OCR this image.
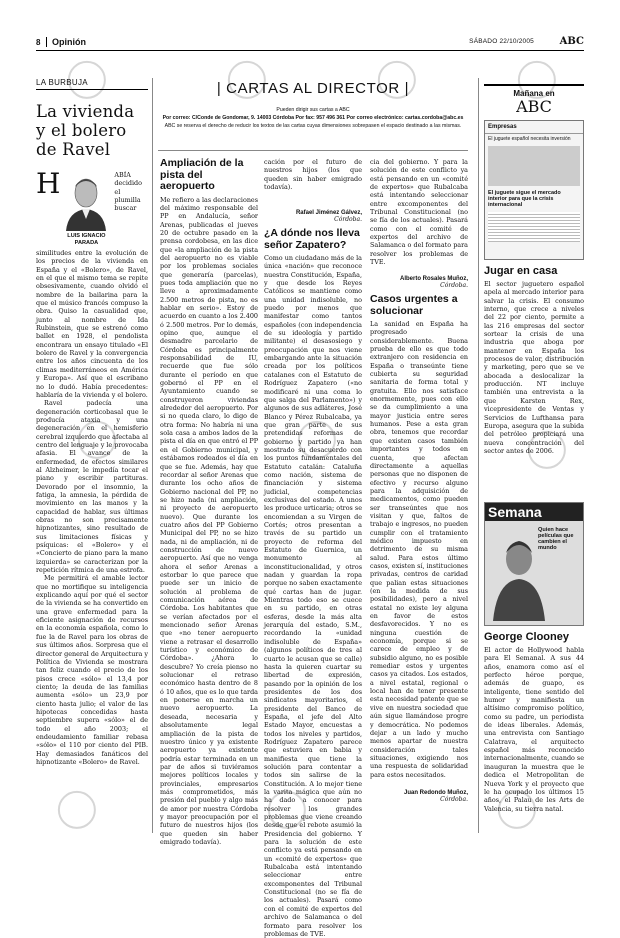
8 Opinión	SÁBADO 22/10/2005	ABC
LA BURBUJA
La vivienda
y el bolero
de Ravel
H
LUIS IGNACIO PARADA
ABÍA decidido el plumilla buscar similitudes entre la evolución de los precios de la vivienda en España y el «Bolero», de Ravel, en el que el mismo tema se repite obsesivamente, cuando olvidó el nombre de la bailarina para la que el músico francés compuso la obra. Quiso la casualidad que, junto al nombre de Ida Rubinstein, que se estrenó como ballet en 1928, el pendolista encontrara un ensayo titulado «El bolero de Ravel y la convergencia entre los años cincuenta de los climas mediterráneos en América y Europa». Así que el escribano no lo dudó. Había precedentes: hablaría de la vivienda y el bolero.
Ravel padecía una degeneración corticobasal que le producía ataxia y una degeneración en el hemisferio cerebral izquierdo que afectaba al centro del lenguaje y le provocaba afasia. El avance de la enfermedad, de efectos similares al Alzheimer, le impedía tocar el piano y escribir partituras. Devorado por el insomnio, la fatiga, la amnesia, la pérdida de movimiento en las manos y la capacidad de hablar, sus últimas obras no son precisamente hipnotizantes, sino resultado de sus limitaciones físicas y psíquicas: el «Bolero» y el «Concierto de piano para la mano izquierda» se caracterizan por la repetición rítmica de una estrofa.
Me permitirá el amable lector que no mortifique su inteligencia explicando aquí por qué el sector de la vivienda se ha convertido en una grave enfermedad para la eficiente asignación de recursos en la economía española, como lo fue la de Ravel para los obras de sus últimos años. Sorpresa que el director general de Arquitectura y Política de Vivienda se mostrara tan feliz cuando el precio de los pisos crece «sólo» el 13,4 por ciento; la deuda de las familias aumenta «sólo» un 23,9 por ciento hasta julio; el valor de las hipotecas concedidas hasta septiembre supera «sólo» el de todo el año 2003; el endeudamiento familiar rebasa «sólo» el 110 por ciento del PIB. Hay demasiados fanáticos del hipnotizante «Bolero» de Ravel.
| CARTAS AL DIRECTOR |
Pueden dirigir sus cartas a ABC
Por correo: C/Conde de Gondomar, 9. 14003 Córdoba Por fax: 957 496 361 Por correo electrónico: cartas.cordoba@abc.es
ABC se reserva el derecho de reducir los textos de las cartas cuyas dimensiones sobrepasen el espacio destinado a las mismas.
Ampliación de la pista del aeropuerto
Me refiero a las declaraciones del máximo responsable del PP en Andalucía, señor Arenas, publicadas el jueves 20 de octubre pasado en la prensa cordobesa, en las dice que «la ampliación de la pista del aeropuerto no es viable por los problemas sociales que generaría (parcelas), pues toda ampliación que no lleve a aproximadamente 2.500 metros de pista, no es hablar en serio». Estoy de acuerdo en cuanto a los 2.400 ó 2.500 metros. Por lo demás, opino que, aunque el desmadre parcelario de Córdoba es principalmente responsabilidad de IU, recuerde que fue sólo durante el período en que gobernó el PP en el Ayuntamiento cuando se construyeron viviendas alrededor del aeropuerto. Por si no queda claro, lo digo de otra forma: No habría ni una sola casa a ambos lados de la pista el día en que entró el PP en el Gobierno municipal, y estábamos rodeados el día en que se fue. Además, hay que recordar al señor Arenas que durante los ocho años de Gobierno nacional del PP, no se hizo nada (ni ampliación, ni proyecto de aeropuerto nuevo). Que durante los cuatro años del PP Gobierno Municipal del PP, no se hizo nada, ni de ampliación, ni de construcción de nuevo aeropuerto. Así que no venga ahora el señor Arenas a estorbar lo que parece que puede ser un inicio de solución al problema de comunicación aérea de Córdoba. Los habitantes que se verían afectados por el mencionado señor Arenas que «no tener aeropuerto viene a retrasar el desarrollo turístico y económico de Córdoba». ¿Ahora lo descubre? Yo creía pienso no solucionar el retraso económico hasta dentro de 8 ó 10 años, que es lo que tarda en ponerse en marcha un nuevo aeropuerto. La deseada, necesaria y absolutamente legal ampliación de la pista de nuestro único y ya existente aeropuerto ya existente podría estar terminada en un par de años si tuviéramos mejores políticos locales y provinciales, empresarios más comprometidos, más presión del pueblo y algo más de amor por nuestra Córdoba y mayor preocupación por el futuro de nuestros hijos (los que queden sin haber emigrado todavía).
cación por el futuro de nuestros hijos (los que queden sin haber emigrado todavía).
Rafael Jiménez Gálvez,
Córdoba.
¿A dónde nos lleva señor Zapatero?
Como un ciudadano más de la única «nación» que reconoce nuestra Constitución, España, y que desde los Reyes Católicos se mantiene como una unidad indisoluble, no puedo por menos que manifestar como tantos españoles (con independencia de su ideología y partido militante) el desasosiego y preocupación que nos viene embargando ante la situación creada por los políticos catalanes con el Estatuto de Rodríguez Zapatero («no modificaré ni una coma lo que salga del Parlamento») y algunos de sus adláteres, José Blanco y Pérez Rubalcaba, ya que gran parte de sus pretendidas reformas de gobierno y partido ya han mostrado su desacuerdo con los puntos fundamentales del Estatuto catalán: Cataluña como nación, sistema de financiación y sistema judicial, competencias exclusivas del estado. A unos les produce urticaria; otros se encomiendan a su Virgen de Cortés; otros presentan a través de su partido un proyecto de reforma del Estatuto de Guernica, un monumento al inconstitucionalidad, y otros nadan y guardan la ropa porque no saben exactamente qué cartas han de jugar. Mientras todo eso se cuece en su partido, en otras esferas, desde la más alta jerarquía del estado, S.M., recordando la «unidad indisoluble de España» (algunos políticos de tres al cuarto le acusan que se calle) hasta la quieren cuartar su libertad de expresión, pasando por la opinión de los presidentes de los dos sindicatos mayoritarios, el presidente del Banco de España, el jefe del Alto Estado Mayor, encuestas a todos los niveles y partidos, Rodríguez Zapatero parece que estuviera en babia y manifiesta que tiene la solución para contentar a todos sin salirse de la Constitución. A lo mejor tiene la varita mágica que aún no ha dado a conocer para resolver los grandes problemas que viene creando desde que el rebote asumió la Presidencia del gobierno. Y para la solución de este conflicto ya está pensando en un «comité de expertos» que Rubalcaba está intentando seleccionar entre excomponentes del Tribunal Constitucional (no se fía de los actuales). Pasará como con el comité de expertos del archivo de Salamanca o del formato para resolver los problemas de TVE.
cia del gobierno. Y para la solución de este conflicto ya está pensando en un «comité de expertos» que Rubalcaba está intentando seleccionar entre excomponentes del Tribunal Constitucional (no se fía de los actuales). Pasará como con el comité de expertos del archivo de Salamanca o del formato para resolver los problemas de TVE.
Alberto Rosales Muñoz,
Córdoba.
Casos urgentes a solucionar
La sanidad en España ha progresado considerablemente. Buena prueba de ello es que todo extranjero con residencia en España o transeúnte tiene cubierta su seguridad sanitaria de forma total y gratuita. Ello nos satisface enormemente, pues con ello se da cumplimiento a una mayor justicia entre seres humanos. Pese a esta gran obra, tenemos que recordar que existen casos también importantes y todos en cuenta, que afectan directamente a aquellas personas que no disponen de efectivo y recurso alguno para la adquisición de medicamentos, como pueden ser transeúntes que nos visitan y que, faltos de trabajo e ingresos, no pueden cumplir con el tratamiento médico impuesto en detrimento de su misma salud. Para estos último casos, existen sí, instituciones privadas, centros de caridad que palian estas situaciones (en la medida de sus posibilidades), pero a nivel estatal no existe ley alguna en favor de estos desfavorecidos. Y no es ninguna cuestión de economía, porque si se carece de empleo y de subsidio alguno, no es posible remediar estos y urgentes casos ya citados. Los estados, a nivel estatal, regional o local han de tener presente esta necesidad patente que se vive en nuestra sociedad que aún sigue llamándose progre y democrática. No podemos dejar a un lado y mucho menos apartar de nuestra consideración tales situaciones, exigiendo nos una respuesta de solidaridad para estos necesitados.
Juan Redondo Muñoz,
Córdoba.
Mañana en
ABC
Empresas
El juguete español necesita inversión
El juguete sigue el mercado interior para que la crisis internacional
Jugar en casa
El sector juguetero español apela al mercado interior para salvar la crisis. El consumo interno, que crece a niveles del 22 por ciento, permite a las 216 empresas del sector sortear la crisis de una industria que aboga por mantener en España los procesos de valor, distribución y marketing, pero que se ve abocada a deslocalizar la producción. NT incluye también una entrevista a la que Karsten Rex, vicepresidente de Ventas y Servicios de Lufthansa para Europa, asegura que la subida del petróleo propiciará una nueva concentración del sector antes de 2006.
Semana
Quien hace películas que cambien el mundo
George Clooney
El actor de Hollywood habla para El Semanal. A sus 44 años, enamora como así el perfecto héroe porque, además de guapo, es inteligente, tiene sentido del humor y manifiesta un altísimo compromiso político, como su padre, un periodista de ideas liberales. Además, una entrevista con Santiago Calatrava, el arquitecto español más reconocido internacionalmente, cuando se inauguran la muestra que le dedica el Metropolitan de Nueva York y el proyecto que le ha ocupado los últimos 15 años, el Palau de les Arts de Valencia, su tierra natal.
